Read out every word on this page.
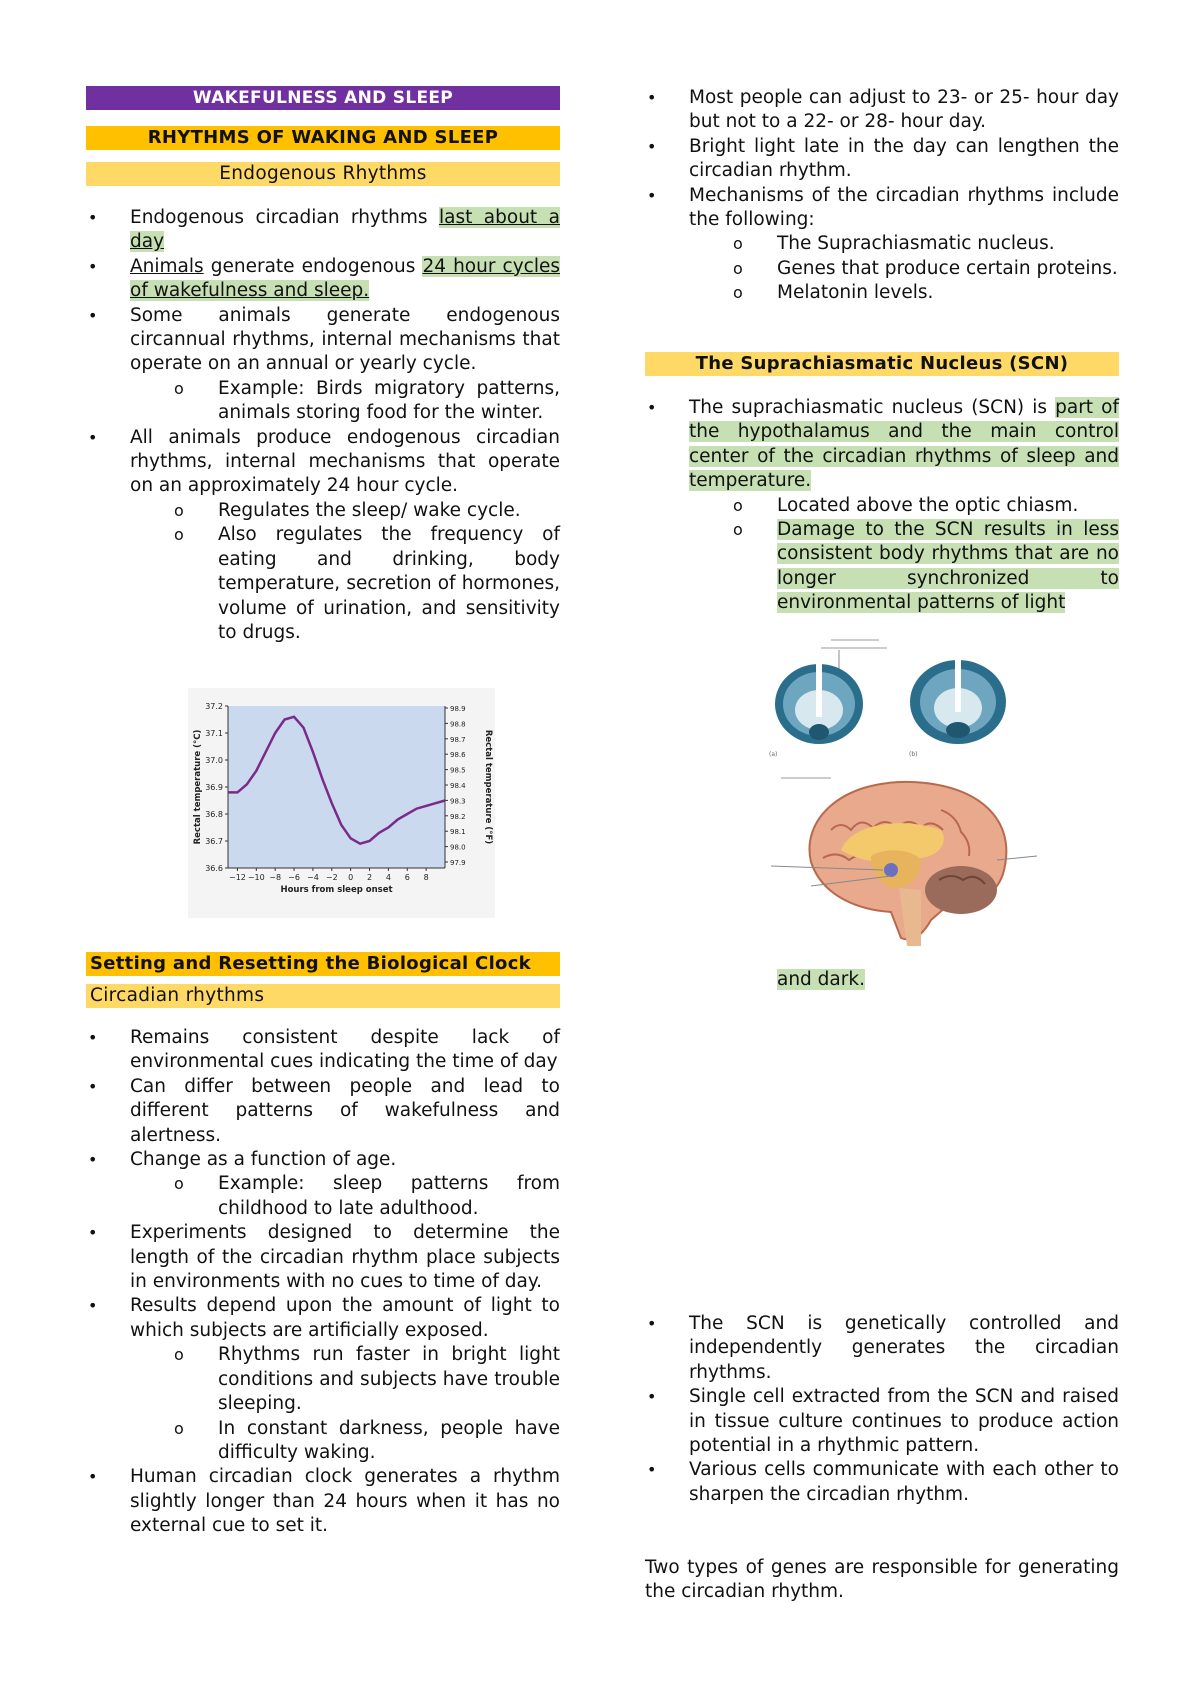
WAKEFULNESS AND SLEEP
RHYTHMS OF WAKING AND SLEEP
Endogenous Rhythms
• Endogenous circadian rhythms last about a day
• Animals generate endogenous 24 hour cycles of wakefulness and sleep.
• Some animals generate endogenous circannual rhythms, internal mechanisms that operate on an annual or yearly cycle.
o Example: Birds migratory patterns, animals storing food for the winter.
• All animals produce endogenous circadian rhythms, internal mechanisms that operate on an approximately 24 hour cycle.
o Regulates the sleep/ wake cycle.
o Also regulates the frequency of eating and drinking, body temperature, secretion of hormones, volume of urination, and sensitivity to drugs.
36.6
36.7
36.8
36.9
37.0
37.1
37.2
97.9
98.0
98.1
98.2
98.3
98.4
98.5
98.6
98.7
98.8
98.9
−12 −10 −8 −6 −4 −2 0 2 4 6 8
Hours from sleep onset
Rectal temperature (°C)	Rectal temperature (°F)
Setting and Resetting the Biological Clock
Circadian rhythms
• Remains consistent despite lack of environmental cues indicating the time of day
• Can differ between people and lead to different patterns of wakefulness and alertness.
• Change as a function of age.
o Example: sleep patterns from childhood to late adulthood.
• Experiments designed to determine the length of the circadian rhythm place subjects in environments with no cues to time of day.
• Results depend upon the amount of light to which subjects are artificially exposed.
o Rhythms run faster in bright light conditions and subjects have trouble sleeping.
o In constant darkness, people have difficulty waking.
• Human circadian clock generates a rhythm slightly longer than 24 hours when it has no external cue to set it.
• Most people can adjust to 23- or 25- hour day but not to a 22- or 28- hour day.
• Bright light late in the day can lengthen the circadian rhythm.
• Mechanisms of the circadian rhythms include the following:
o The Suprachiasmatic nucleus.
o Genes that produce certain proteins.
o Melatonin levels.
The Suprachiasmatic Nucleus (SCN)
• The suprachiasmatic nucleus (SCN) is part of the hypothalamus and the main control center of the circadian rhythms of sleep and temperature.
o Located above the optic chiasm.
o Damage to the SCN results in less consistent body rhythms that are no longer synchronized to environmental patterns of light
(a)	(b)
and dark.
• The SCN is genetically controlled and independently generates the circadian rhythms.
• Single cell extracted from the SCN and raised in tissue culture continues to produce action potential in a rhythmic pattern.
• Various cells communicate with each other to sharpen the circadian rhythm.

Two types of genes are responsible for generating the circadian rhythm.
